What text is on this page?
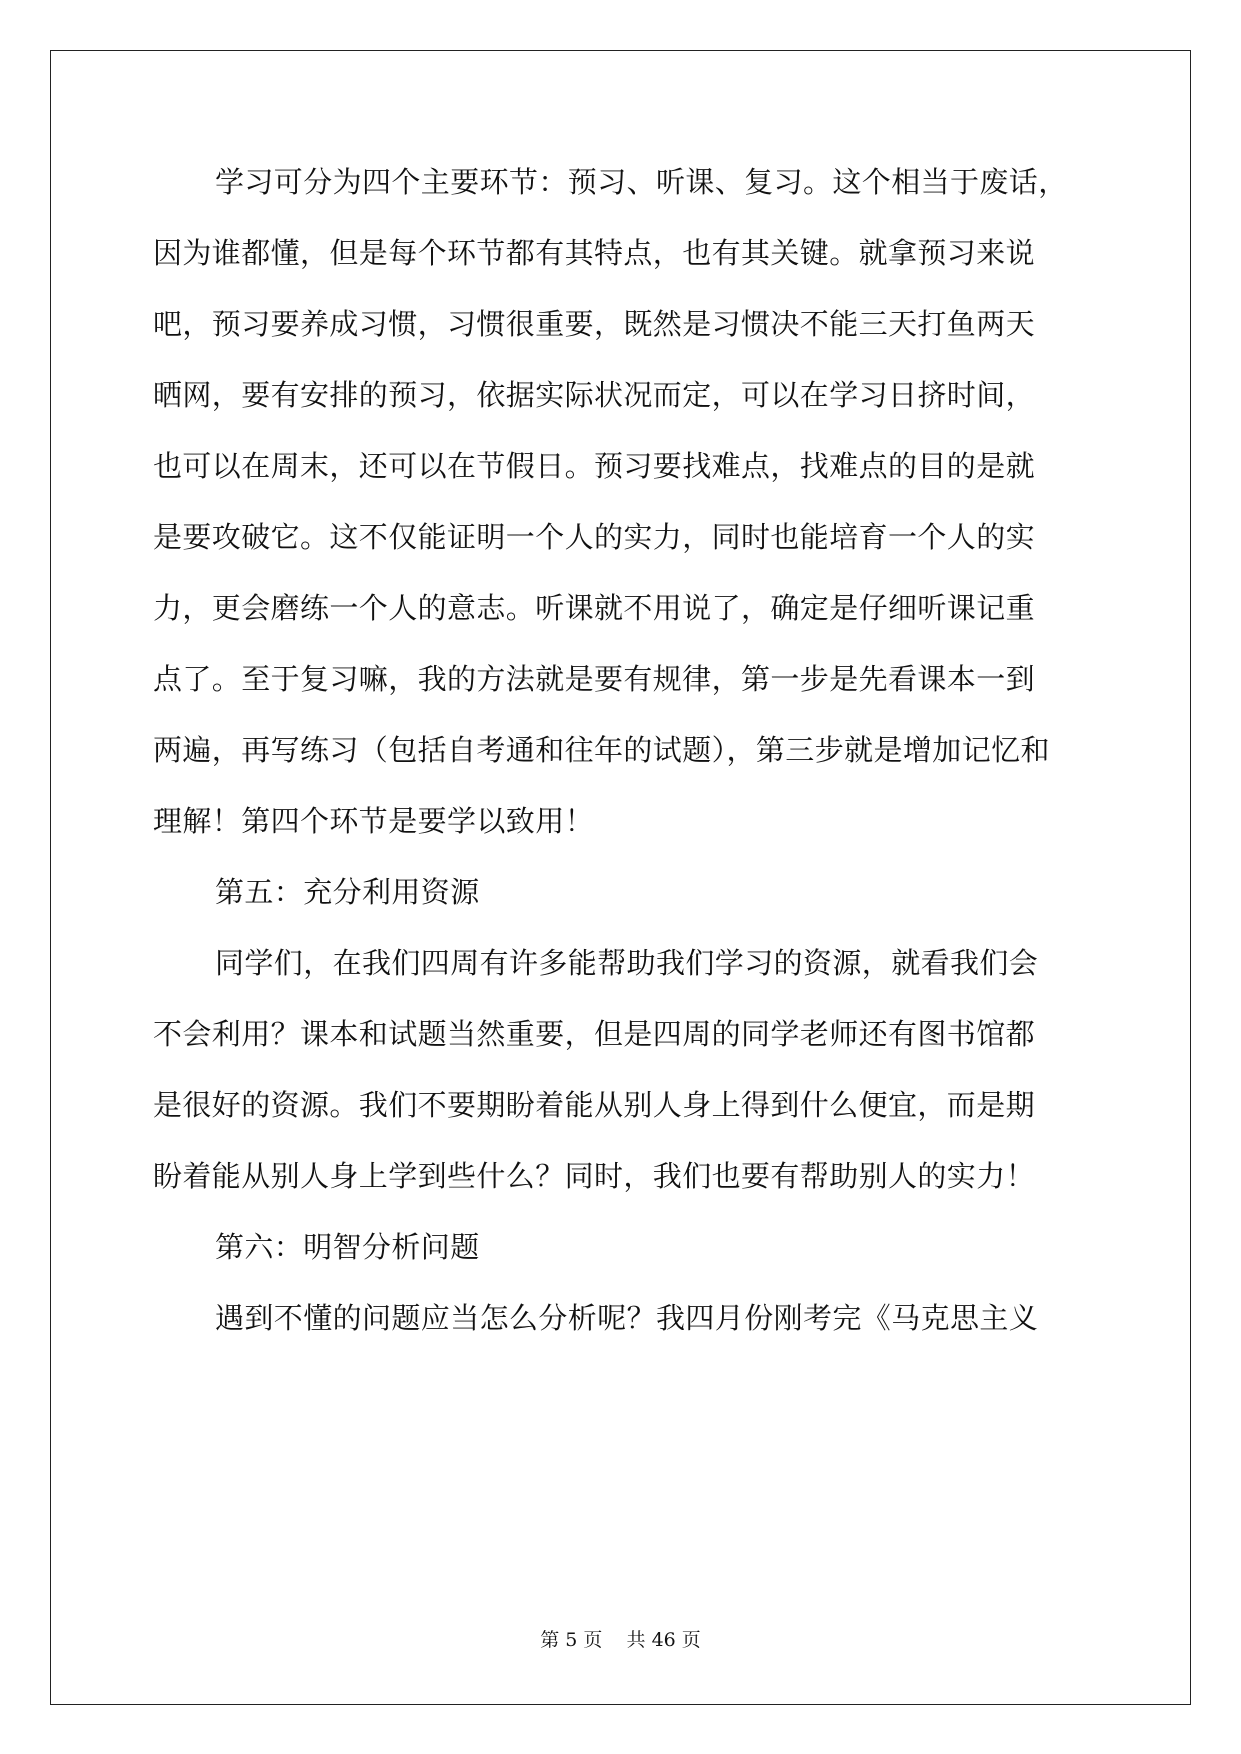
学习可分为四个主要环节：预习、听课、复习。这个相当于废话，
因为谁都懂，但是每个环节都有其特点，也有其关键。就拿预习来说
吧，预习要养成习惯，习惯很重要，既然是习惯决不能三天打鱼两天
晒网，要有安排的预习，依据实际状况而定，可以在学习日挤时间，
也可以在周末，还可以在节假日。预习要找难点，找难点的目的是就
是要攻破它。这不仅能证明一个人的实力，同时也能培育一个人的实
力，更会磨练一个人的意志。听课就不用说了，确定是仔细听课记重
点了。至于复习嘛，我的方法就是要有规律，第一步是先看课本一到
两遍，再写练习（包括自考通和往年的试题），第三步就是增加记忆和
理解！第四个环节是要学以致用！
第五：充分利用资源
同学们，在我们四周有许多能帮助我们学习的资源，就看我们会
不会利用？课本和试题当然重要，但是四周的同学老师还有图书馆都
是很好的资源。我们不要期盼着能从别人身上得到什么便宜，而是期
盼着能从别人身上学到些什么？同时，我们也要有帮助别人的实力！
第六：明智分析问题
遇到不懂的问题应当怎么分析呢？我四月份刚考完《马克思主义
第 5 页    共 46 页
